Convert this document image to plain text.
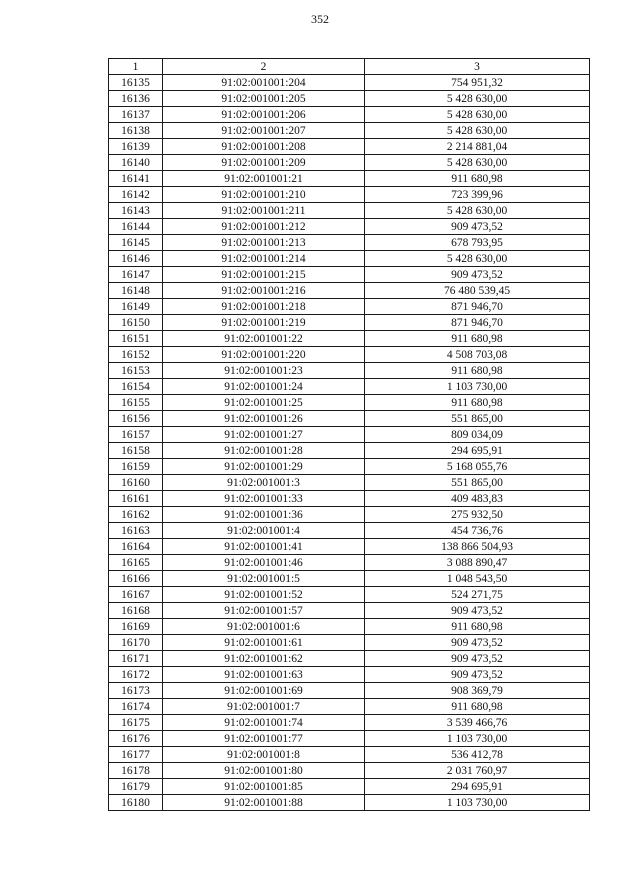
352
1	2	3
16135	91:02:001001:204	754 951,32
16136	91:02:001001:205	5 428 630,00
16137	91:02:001001:206	5 428 630,00
16138	91:02:001001:207	5 428 630,00
16139	91:02:001001:208	2 214 881,04
16140	91:02:001001:209	5 428 630,00
16141	91:02:001001:21	911 680,98
16142	91:02:001001:210	723 399,96
16143	91:02:001001:211	5 428 630,00
16144	91:02:001001:212	909 473,52
16145	91:02:001001:213	678 793,95
16146	91:02:001001:214	5 428 630,00
16147	91:02:001001:215	909 473,52
16148	91:02:001001:216	76 480 539,45
16149	91:02:001001:218	871 946,70
16150	91:02:001001:219	871 946,70
16151	91:02:001001:22	911 680,98
16152	91:02:001001:220	4 508 703,08
16153	91:02:001001:23	911 680,98
16154	91:02:001001:24	1 103 730,00
16155	91:02:001001:25	911 680,98
16156	91:02:001001:26	551 865,00
16157	91:02:001001:27	809 034,09
16158	91:02:001001:28	294 695,91
16159	91:02:001001:29	5 168 055,76
16160	91:02:001001:3	551 865,00
16161	91:02:001001:33	409 483,83
16162	91:02:001001:36	275 932,50
16163	91:02:001001:4	454 736,76
16164	91:02:001001:41	138 866 504,93
16165	91:02:001001:46	3 088 890,47
16166	91:02:001001:5	1 048 543,50
16167	91:02:001001:52	524 271,75
16168	91:02:001001:57	909 473,52
16169	91:02:001001:6	911 680,98
16170	91:02:001001:61	909 473,52
16171	91:02:001001:62	909 473,52
16172	91:02:001001:63	909 473,52
16173	91:02:001001:69	908 369,79
16174	91:02:001001:7	911 680,98
16175	91:02:001001:74	3 539 466,76
16176	91:02:001001:77	1 103 730,00
16177	91:02:001001:8	536 412,78
16178	91:02:001001:80	2 031 760,97
16179	91:02:001001:85	294 695,91
16180	91:02:001001:88	1 103 730,00
